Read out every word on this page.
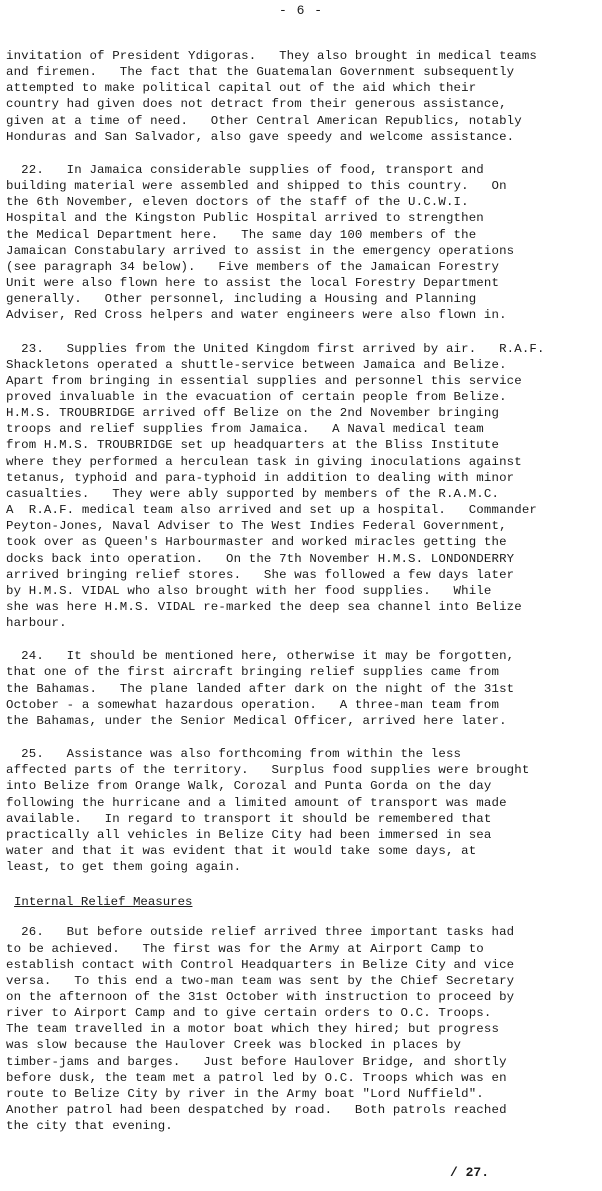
- 6 -
invitation of President Ydigoras.   They also brought in medical teams
and firemen.   The fact that the Guatemalan Government subsequently
attempted to make political capital out of the aid which their
country had given does not detract from their generous assistance,
given at a time of need.   Other Central American Republics, notably
Honduras and San Salvador, also gave speedy and welcome assistance.
22.   In Jamaica considerable supplies of food, transport and
building material were assembled and shipped to this country.   On
the 6th November, eleven doctors of the staff of the U.C.W.I.
Hospital and the Kingston Public Hospital arrived to strengthen
the Medical Department here.   The same day 100 members of the
Jamaican Constabulary arrived to assist in the emergency operations
(see paragraph 34 below).   Five members of the Jamaican Forestry
Unit were also flown here to assist the local Forestry Department
generally.   Other personnel, including a Housing and Planning
Adviser, Red Cross helpers and water engineers were also flown in.
23.   Supplies from the United Kingdom first arrived by air.   R.A.F.
Shackletons operated a shuttle-service between Jamaica and Belize.
Apart from bringing in essential supplies and personnel this service
proved invaluable in the evacuation of certain people from Belize.
H.M.S. TROUBRIDGE arrived off Belize on the 2nd November bringing
troops and relief supplies from Jamaica.   A Naval medical team
from H.M.S. TROUBRIDGE set up headquarters at the Bliss Institute
where they performed a herculean task in giving inoculations against
tetanus, typhoid and para-typhoid in addition to dealing with minor
casualties.   They were ably supported by members of the R.A.M.C.
A  R.A.F. medical team also arrived and set up a hospital.   Commander
Peyton-Jones, Naval Adviser to The West Indies Federal Government,
took over as Queen's Harbourmaster and worked miracles getting the
docks back into operation.   On the 7th November H.M.S. LONDONDERRY
arrived bringing relief stores.   She was followed a few days later
by H.M.S. VIDAL who also brought with her food supplies.   While
she was here H.M.S. VIDAL re-marked the deep sea channel into Belize
harbour.
24.   It should be mentioned here, otherwise it may be forgotten,
that one of the first aircraft bringing relief supplies came from
the Bahamas.   The plane landed after dark on the night of the 31st
October - a somewhat hazardous operation.   A three-man team from
the Bahamas, under the Senior Medical Officer, arrived here later.
25.   Assistance was also forthcoming from within the less
affected parts of the territory.   Surplus food supplies were brought
into Belize from Orange Walk, Corozal and Punta Gorda on the day
following the hurricane and a limited amount of transport was made
available.   In regard to transport it should be remembered that
practically all vehicles in Belize City had been immersed in sea
water and that it was evident that it would take some days, at
least, to get them going again.
Internal Relief Measures
26.   But before outside relief arrived three important tasks had
to be achieved.   The first was for the Army at Airport Camp to
establish contact with Control Headquarters in Belize City and vice
versa.   To this end a two-man team was sent by the Chief Secretary
on the afternoon of the 31st October with instruction to proceed by
river to Airport Camp and to give certain orders to O.C. Troops.
The team travelled in a motor boat which they hired; but progress
was slow because the Haulover Creek was blocked in places by
timber-jams and barges.   Just before Haulover Bridge, and shortly
before dusk, the team met a patrol led by O.C. Troops which was en
route to Belize City by river in the Army boat "Lord Nuffield".
Another patrol had been despatched by road.   Both patrols reached
the city that evening.
/ 27.
